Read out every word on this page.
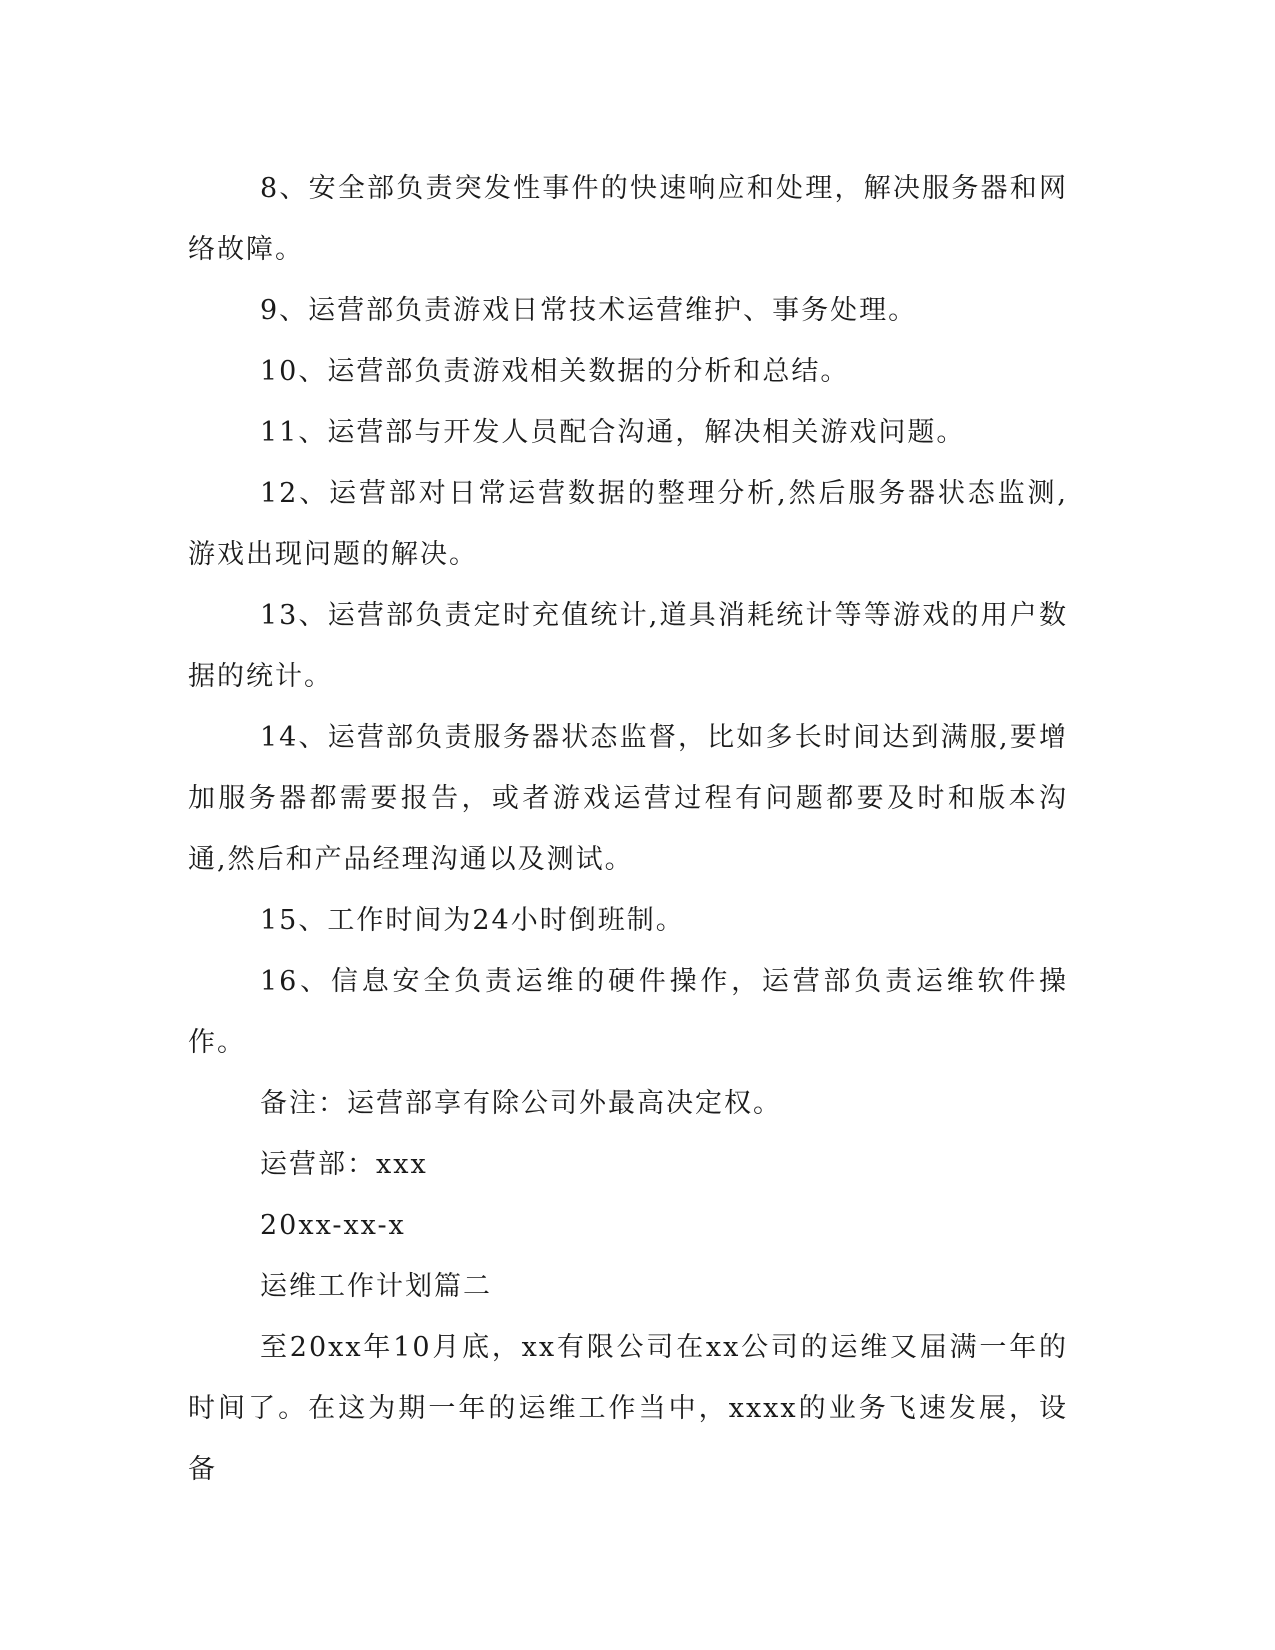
8、安全部负责突发性事件的快速响应和处理，解决服务器和网络故障。

9、运营部负责游戏日常技术运营维护、事务处理。

10、运营部负责游戏相关数据的分析和总结。

11、运营部与开发人员配合沟通，解决相关游戏问题。

12、运营部对日常运营数据的整理分析,然后服务器状态监测,游戏出现问题的解决。

13、运营部负责定时充值统计,道具消耗统计等等游戏的用户数据的统计。

14、运营部负责服务器状态监督，比如多长时间达到满服,要增加服务器都需要报告，或者游戏运营过程有问题都要及时和版本沟通,然后和产品经理沟通以及测试。

15、工作时间为24小时倒班制。

16、信息安全负责运维的硬件操作，运营部负责运维软件操作。

备注：运营部享有除公司外最高决定权。

运营部：xxx

20xx-xx-x

运维工作计划篇二

至20xx年10月底，xx有限公司在xx公司的运维又届满一年的时间了。在这为期一年的运维工作当中，xxxx的业务飞速发展，设备
